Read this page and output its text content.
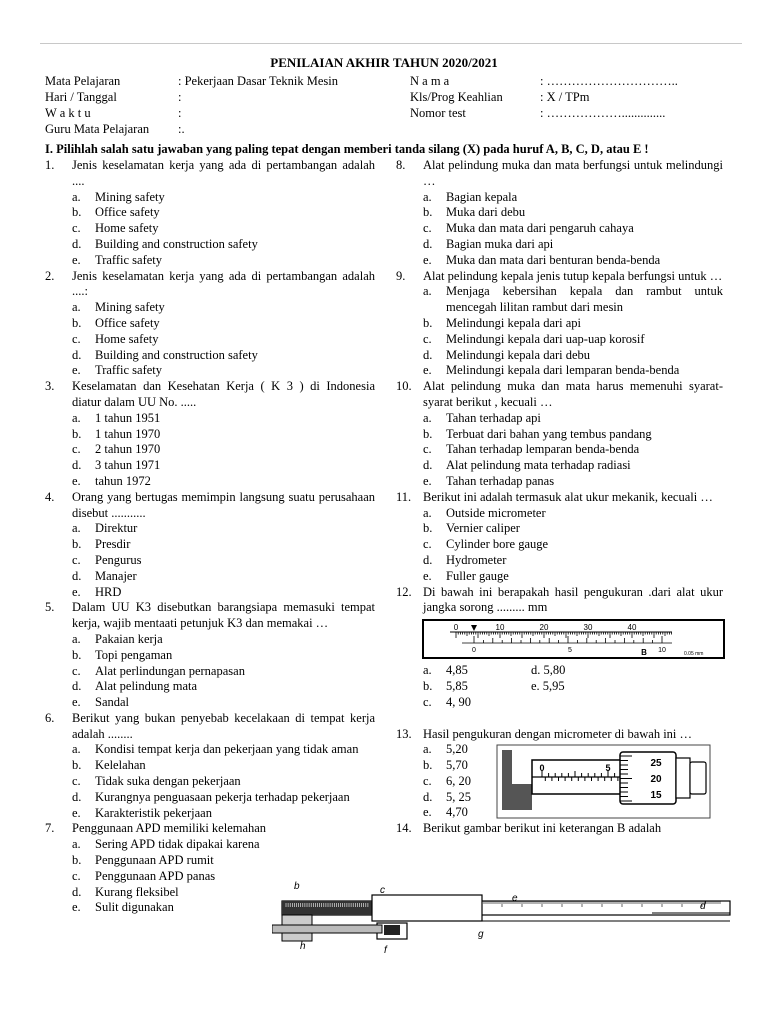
PENILAIAN AKHIR TAHUN 2020/2021
Mata Pelajaran	: Pekerjaan Dasar Teknik Mesin
Hari / Tanggal	:
W a k t u	:
Guru Mata Pelajaran :.
N a m a	: …………………………..
Kls/Prog Keahlian	: X / TPm
Nomor test	: ………………..............
I. Pilihlah salah satu jawaban yang paling tepat dengan memberi tanda silang (X) pada huruf A, B, C, D, atau E !
1. Jenis keselamatan kerja yang ada di pertambangan adalah ....
a. Mining safety
b. Office safety
c. Home safety
d. Building and construction safety
e. Traffic safety
2. Jenis keselamatan kerja yang ada di pertambangan adalah ....:
a. Mining safety
b. Office safety
c. Home safety
d. Building and construction safety
e. Traffic safety
3. Keselamatan dan Kesehatan Kerja ( K 3 ) di Indonesia diatur dalam UU No. .....
a. 1 tahun 1951
b. 1 tahun 1970
c. 2 tahun 1970
d. 3 tahun 1971
e. tahun 1972
4. Orang yang bertugas memimpin langsung suatu perusahaan disebut ...........
a. Direktur
b. Presdir
c. Pengurus
d. Manajer
e. HRD
5. Dalam UU K3 disebutkan barangsiapa memasuki tempat kerja, wajib mentaati petunjuk K3 dan memakai …
a. Pakaian kerja
b. Topi pengaman
c. Alat perlindungan pernapasan
d. Alat pelindung mata
e. Sandal
6. Berikut yang bukan penyebab kecelakaan di tempat kerja adalah ........
a. Kondisi tempat kerja dan pekerjaan yang tidak aman
b. Kelelahan
c. Tidak suka dengan pekerjaan
d. Kurangnya penguasaan pekerja terhadap pekerjaan
e. Karakteristik pekerjaan
7. Penggunaan APD memiliki kelemahan
a. Sering APD tidak dipakai karena
b. Penggunaan APD rumit
c. Penggunaan APD panas
d. Kurang fleksibel
e. Sulit digunakan
8. Alat pelindung muka dan mata berfungsi untuk melindungi …
a. Bagian kepala
b. Muka dari debu
c. Muka dan mata dari pengaruh cahaya
d. Bagian muka dari api
e. Muka dan mata dari benturan benda-benda
9. Alat pelindung kepala jenis tutup kepala berfungsi untuk …
a. Menjaga kebersihan kepala dan rambut untuk mencegah lilitan rambut dari mesin
b. Melindungi kepala dari api
c. Melindungi kepala dari uap-uap korosif
d. Melindungi kepala dari debu
e. Melindungi kepala dari lemparan benda-benda
10. Alat pelindung muka dan mata harus memenuhi syarat-syarat berikut , kecuali …
a. Tahan terhadap api
b. Terbuat dari bahan yang tembus pandang
c. Tahan terhadap lemparan benda-benda
d. Alat pelindung mata terhadap radiasi
e. Tahan terhadap panas
11. Berikut ini adalah termasuk alat ukur mekanik, kecuali …
a. Outside micrometer
b. Vernier caliper
c. Cylinder bore gauge
d. Hydrometer
e. Fuller gauge
12. Di bawah ini berapakah hasil pengukuran .dari alat ukur jangka sorong ......... mm
0	10	20	30	40
0	5	10
B	0.05 mm
a. 4,85	d. 5,80
b. 5,85	e. 5,95
c. 4, 90
13. Hasil pengukuran dengan micrometer di bawah ini …
a. 5,20
b. 5,70
c. 6, 20
d. 5, 25
e. 4,70
0	5	25
20
15
14. Berikut gambar berikut ini keterangan B adalah
b	c
e
d
h
g
f
